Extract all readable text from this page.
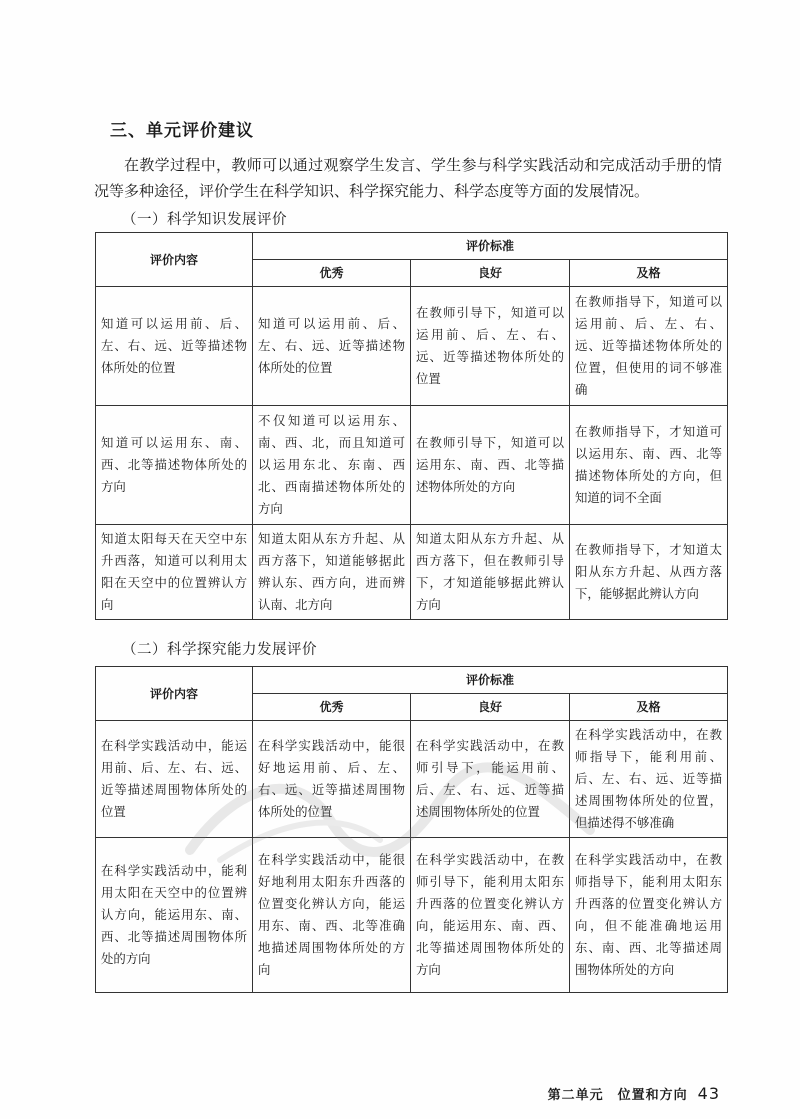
三、单元评价建议
在教学过程中，教师可以通过观察学生发言、学生参与科学实践活动和完成活动手册的情况等多种途径，评价学生在科学知识、科学探究能力、科学态度等方面的发展情况。
（一）科学知识发展评价
评价内容	评价标准		
	优秀	良好	及格
知道可以运用前、后、左、右、远、近等描述物体所处的位置	知道可以运用前、后、左、右、远、近等描述物体所处的位置	在教师引导下，知道可以运用前、后、左、右、远、近等描述物体所处的位置	在教师指导下，知道可以运用前、后、左、右、远、近等描述物体所处的位置，但使用的词不够准确
知道可以运用东、南、西、北等描述物体所处的方向	不仅知道可以运用东、南、西、北，而且知道可以运用东北、东南、西北、西南描述物体所处的方向	在教师引导下，知道可以运用东、南、西、北等描述物体所处的方向	在教师指导下，才知道可以运用东、南、西、北等描述物体所处的方向，但知道的词不全面
知道太阳每天在天空中东升西落，知道可以利用太阳在天空中的位置辨认方向	知道太阳从东方升起、从西方落下，知道能够据此辨认东、西方向，进而辨认南、北方向	知道太阳从东方升起、从西方落下，但在教师引导下，才知道能够据此辨认方向	在教师指导下，才知道太阳从东方升起、从西方落下，能够据此辨认方向
（二）科学探究能力发展评价
评价内容	评价标准		
	优秀	良好	及格
在科学实践活动中，能运用前、后、左、右、远、近等描述周围物体所处的位置	在科学实践活动中，能很好地运用前、后、左、右、远、近等描述周围物体所处的位置	在科学实践活动中，在教师引导下，能运用前、后、左、右、远、近等描述周围物体所处的位置	在科学实践活动中，在教师指导下，能利用前、后、左、右、远、近等描述周围物体所处的位置，但描述得不够准确
在科学实践活动中，能利用太阳在天空中的位置辨认方向，能运用东、南、西、北等描述周围物体所处的方向	在科学实践活动中，能很好地利用太阳东升西落的位置变化辨认方向，能运用东、南、西、北等准确地描述周围物体所处的方向	在科学实践活动中，在教师引导下，能利用太阳东升西落的位置变化辨认方向，能运用东、南、西、北等描述周围物体所处的方向	在科学实践活动中，在教师指导下，能利用太阳东升西落的位置变化辨认方向，但不能准确地运用东、南、西、北等描述周围物体所处的方向
第二单元　位置和方向 43
